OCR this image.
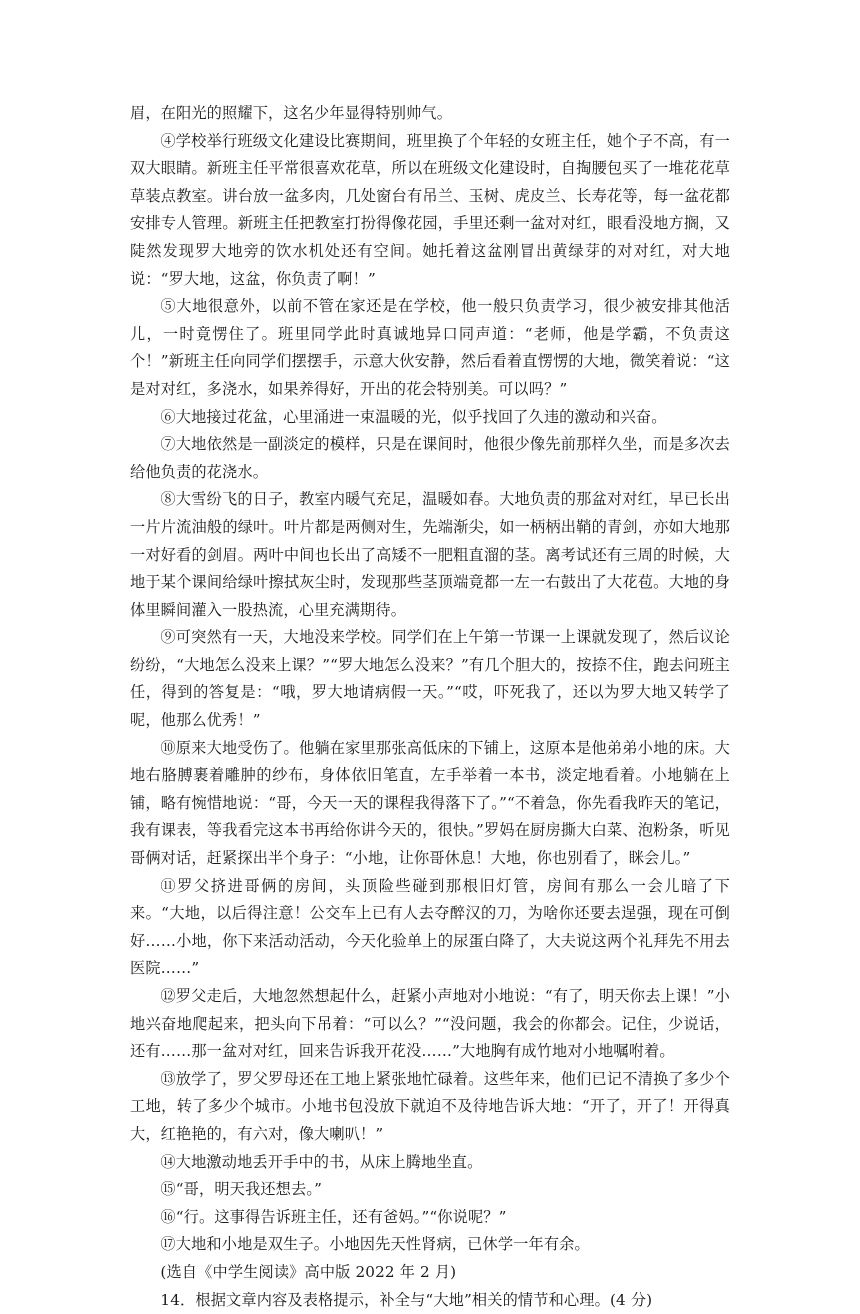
眉，在阳光的照耀下，这名少年显得特别帅气。

④学校举行班级文化建设比赛期间，班里换了个年轻的女班主任，她个子不高，有一双大眼睛。新班主任平常很喜欢花草，所以在班级文化建设时，自掏腰包买了一堆花花草草装点教室。讲台放一盆多肉，几处窗台有吊兰、玉树、虎皮兰、长寿花等，每一盆花都安排专人管理。新班主任把教室打扮得像花园，手里还剩一盆对对红，眼看没地方搁，又陡然发现罗大地旁的饮水机处还有空间。她托着这盆刚冒出黄绿芽的对对红，对大地说：“罗大地，这盆，你负责了啊！”

⑤大地很意外，以前不管在家还是在学校，他一般只负责学习，很少被安排其他活儿，一时竟愣住了。班里同学此时真诚地异口同声道：“老师，他是学霸，不负责这个！”新班主任向同学们摆摆手，示意大伙安静，然后看着直愣愣的大地，微笑着说：“这是对对红，多浇水，如果养得好，开出的花会特别美。可以吗？”

⑥大地接过花盆，心里涌进一束温暖的光，似乎找回了久违的激动和兴奋。

⑦大地依然是一副淡定的模样，只是在课间时，他很少像先前那样久坐，而是多次去给他负责的花浇水。

⑧大雪纷飞的日子，教室内暖气充足，温暖如春。大地负责的那盆对对红，早已长出一片片流油般的绿叶。叶片都是两侧对生，先端渐尖，如一柄柄出鞘的青剑，亦如大地那一对好看的剑眉。两叶中间也长出了高矮不一肥粗直溜的茎。离考试还有三周的时候，大地于某个课间给绿叶擦拭灰尘时，发现那些茎顶端竟都一左一右鼓出了大花苞。大地的身体里瞬间灌入一股热流，心里充满期待。

⑨可突然有一天，大地没来学校。同学们在上午第一节课一上课就发现了，然后议论纷纷，“大地怎么没来上课？”“罗大地怎么没来？”有几个胆大的，按捺不住，跑去问班主任，得到的答复是：“哦，罗大地请病假一天。”“哎，吓死我了，还以为罗大地又转学了呢，他那么优秀！”

⑩原来大地受伤了。他躺在家里那张高低床的下铺上，这原本是他弟弟小地的床。大地右胳膊裹着雕肿的纱布，身体依旧笔直，左手举着一本书，淡定地看着。小地躺在上铺，略有惋惜地说：“哥，今天一天的课程我得落下了。”“不着急，你先看我昨天的笔记，我有课表，等我看完这本书再给你讲今天的，很快。”罗妈在厨房撕大白菜、泡粉条，听见哥俩对话，赶紧探出半个身子：“小地，让你哥休息！大地，你也别看了，眯会儿。”

⑪罗父挤进哥俩的房间，头顶险些碰到那根旧灯管，房间有那么一会儿暗了下来。“大地，以后得注意！公交车上已有人去夺醉汉的刀，为啥你还要去逞强，现在可倒好……小地，你下来活动活动，今天化验单上的尿蛋白降了，大夫说这两个礼拜先不用去医院……”

⑫罗父走后，大地忽然想起什么，赶紧小声地对小地说：“有了，明天你去上课！”小地兴奋地爬起来，把头向下吊着：“可以么？”“没问题，我会的你都会。记住，少说话，还有……那一盆对对红，回来告诉我开花没……”大地胸有成竹地对小地嘱咐着。

⑬放学了，罗父罗母还在工地上紧张地忙碌着。这些年来，他们已记不清换了多少个工地，转了多少个城市。小地书包没放下就迫不及待地告诉大地：“开了，开了！开得真大，红艳艳的，有六对，像大喇叭！”

⑭大地激动地丢开手中的书，从床上腾地坐直。

⑮“哥，明天我还想去。”

⑯“行。这事得告诉班主任，还有爸妈。”“你说呢？”

⑰大地和小地是双生子。小地因先天性肾病，已休学一年有余。

(选自《中学生阅读》高中版 2022 年 2 月)

14．根据文章内容及表格提示，补全与“大地”相关的情节和心理。(4 分)
